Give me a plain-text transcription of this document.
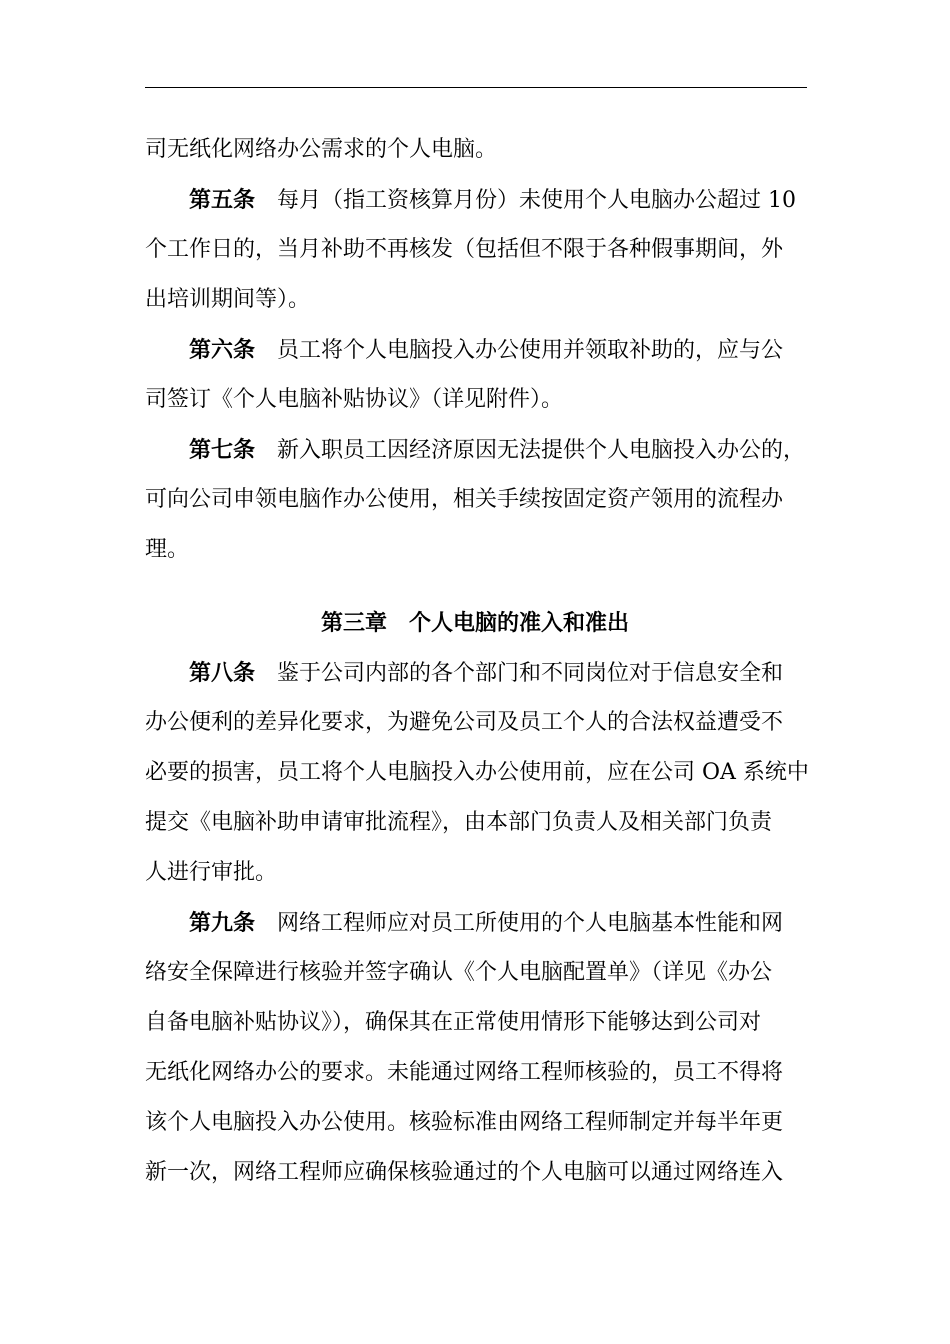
司无纸化网络办公需求的个人电脑。
第五条 每月（指工资核算月份）未使用个人电脑办公超过 10
个工作日的，当月补助不再核发（包括但不限于各种假事期间，外
出培训期间等）。
第六条 员工将个人电脑投入办公使用并领取补助的，应与公
司签订《个人电脑补贴协议》（详见附件）。
第七条 新入职员工因经济原因无法提供个人电脑投入办公的，
可向公司申领电脑作办公使用，相关手续按固定资产领用的流程办
理。
第三章　个人电脑的准入和准出
第八条 鉴于公司内部的各个部门和不同岗位对于信息安全和
办公便利的差异化要求，为避免公司及员工个人的合法权益遭受不
必要的损害，员工将个人电脑投入办公使用前，应在公司 OA 系统中
提交《电脑补助申请审批流程》，由本部门负责人及相关部门负责
人进行审批。
第九条 网络工程师应对员工所使用的个人电脑基本性能和网
络安全保障进行核验并签字确认《个人电脑配置单》（详见《办公
自备电脑补贴协议》），确保其在正常使用情形下能够达到公司对
无纸化网络办公的要求。未能通过网络工程师核验的，员工不得将
该个人电脑投入办公使用。核验标准由网络工程师制定并每半年更
新一次，网络工程师应确保核验通过的个人电脑可以通过网络连入
